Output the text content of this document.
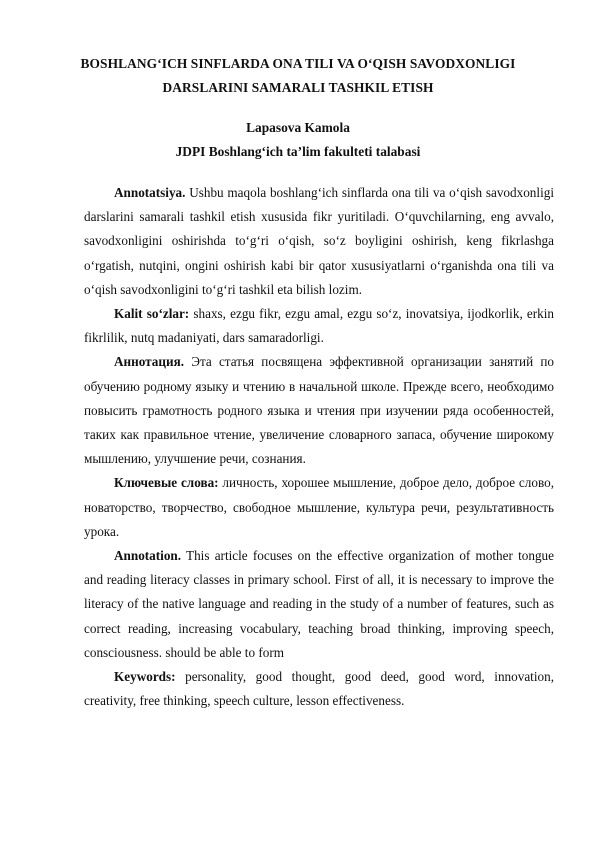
BOSHLANG‘ICH SINFLARDA ONA TILI VA O‘QISH SAVODXONLIGI
DARSLARINI SAMARALI TASHKIL ETISH
Lapasova Kamola
JDPI Boshlang‘ich ta’lim fakulteti talabasi

Annotatsiya. Ushbu maqola boshlang‘ich sinflarda ona tili va o‘qish savodxonligi darslarini samarali tashkil etish xususida fikr yuritiladi. O‘quvchilarning, eng avvalo, savodxonligini oshirishda to‘g‘ri o‘qish, so‘z boyligini oshirish, keng fikrlashga o‘rgatish, nutqini, ongini oshirish kabi bir qator xususiyatlarni o‘rganishda ona tili va o‘qish savodxonligini to‘g‘ri tashkil eta bilish lozim.

Kalit so‘zlar: shaxs, ezgu fikr, ezgu amal, ezgu so‘z, inovatsiya, ijodkorlik, erkin fikrlilik, nutq madaniyati, dars samaradorligi.

Аннотация. Эта статья посвящена эффективной организации занятий по обучению родному языку и чтению в начальной школе. Прежде всего, необходимо повысить грамотность родного языка и чтения при изучении ряда особенностей, таких как правильное чтение, увеличение словарного запаса, обучение широкому мышлению, улучшение речи, сознания.

Ключевые слова: личность, хорошее мышление, доброе дело, доброе слово, новаторство, творчество, свободное мышление, культура речи, результативность урока.

Annotation. This article focuses on the effective organization of mother tongue and reading literacy classes in primary school. First of all, it is necessary to improve the literacy of the native language and reading in the study of a number of features, such as correct reading, increasing vocabulary, teaching broad thinking, improving speech, consciousness. should be able to form

Keywords: personality, good thought, good deed, good word, innovation, creativity, free thinking, speech culture, lesson effectiveness.
